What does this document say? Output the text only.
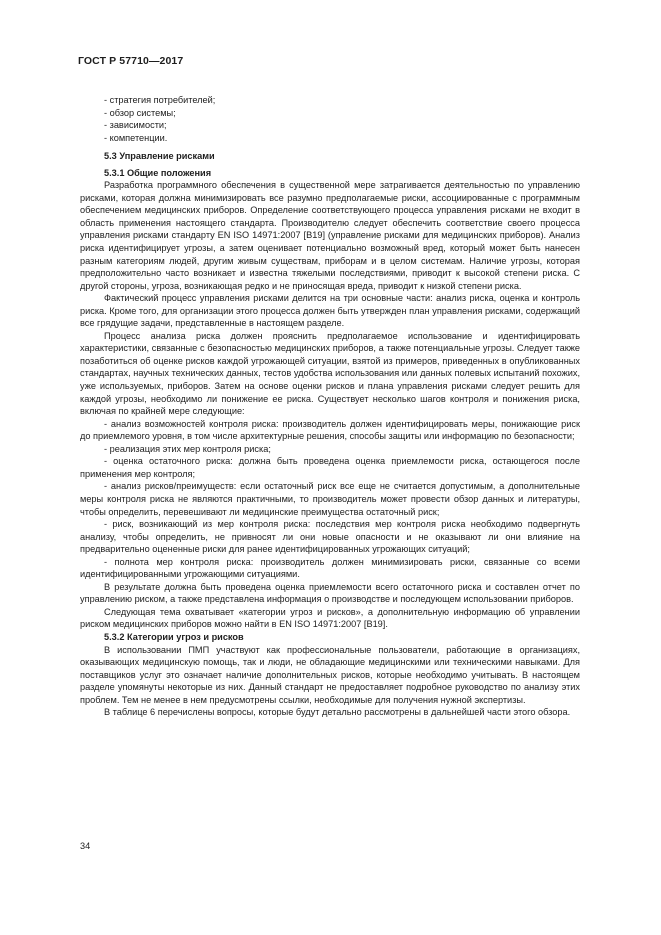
ГОСТ Р 57710—2017

- стратегия потребителей;

- обзор системы;

- зависимости;

- компетенции.

5.3 Управление рисками

5.3.1 Общие положения

Разработка программного обеспечения в существенной мере затрагивается деятельностью по управлению рисками, которая должна минимизировать все разумно предполагаемые риски, ассоциированные с программным обеспечением медицинских приборов. Определение соответствующего процесса управления рисками не входит в область применения настоящего стандарта. Производителю следует обеспечить соответствие своего процесса управления рисками стандарту EN ISO 14971:2007 [B19] (управление рисками для медицинских приборов). Анализ риска идентифицирует угрозы, а затем оценивает потенциально возможный вред, который может быть нанесен разным категориям людей, другим живым существам, приборам и в целом системам. Наличие угрозы, которая предположительно часто возникает и известна тяжелыми последствиями, приводит к высокой степени риска. С другой стороны, угроза, возникающая редко и не приносящая вреда, приводит к низкой степени риска.

Фактический процесс управления рисками делится на три основные части: анализ риска, оценка и контроль риска. Кроме того, для организации этого процесса должен быть утвержден план управления рисками, содержащий все грядущие задачи, представленные в настоящем разделе.

Процесс анализа риска должен прояснить предполагаемое использование и идентифицировать характеристики, связанные с безопасностью медицинских приборов, а также потенциальные угрозы. Следует также позаботиться об оценке рисков каждой угрожающей ситуации, взятой из примеров, приведенных в опубликованных стандартах, научных технических данных, тестов удобства использования или данных полевых испытаний похожих, уже используемых, приборов. Затем на основе оценки рисков и плана управления рисками следует решить для каждой угрозы, необходимо ли понижение ее риска. Существует несколько шагов контроля и понижения риска, включая по крайней мере следующие:

- анализ возможностей контроля риска: производитель должен идентифицировать меры, понижающие риск до приемлемого уровня, в том числе архитектурные решения, способы защиты или информацию по безопасности;

- реализация этих мер контроля риска;

- оценка остаточного риска: должна быть проведена оценка приемлемости риска, остающегося после применения мер контроля;

- анализ рисков/преимуществ: если остаточный риск все еще не считается допустимым, а дополнительные меры контроля риска не являются практичными, то производитель может провести обзор данных и литературы, чтобы определить, перевешивают ли медицинские преимущества остаточный риск;

- риск, возникающий из мер контроля риска: последствия мер контроля риска необходимо подвергнуть анализу, чтобы определить, не привносят ли они новые опасности и не оказывают ли они влияние на предварительно оцененные риски для ранее идентифицированных угрожающих ситуаций;

- полнота мер контроля риска: производитель должен минимизировать риски, связанные со всеми идентифицированными угрожающими ситуациями.

В результате должна быть проведена оценка приемлемости всего остаточного риска и составлен отчет по управлению риском, а также представлена информация о производстве и последующем использовании приборов.

Следующая тема охватывает «категории угроз и рисков», а дополнительную информацию об управлении риском медицинских приборов можно найти в EN ISO 14971:2007 [B19].

5.3.2 Категории угроз и рисков

В использовании ПМП участвуют как профессиональные пользователи, работающие в организациях, оказывающих медицинскую помощь, так и люди, не обладающие медицинскими или техническими навыками. Для поставщиков услуг это означает наличие дополнительных рисков, которые необходимо учитывать. В настоящем разделе упомянуты некоторые из них. Данный стандарт не предоставляет подробное руководство по анализу этих проблем. Тем не менее в нем предусмотрены ссылки, необходимые для получения нужной экспертизы.

В таблице 6 перечислены вопросы, которые будут детально рассмотрены в дальнейшей части этого обзора.

34
